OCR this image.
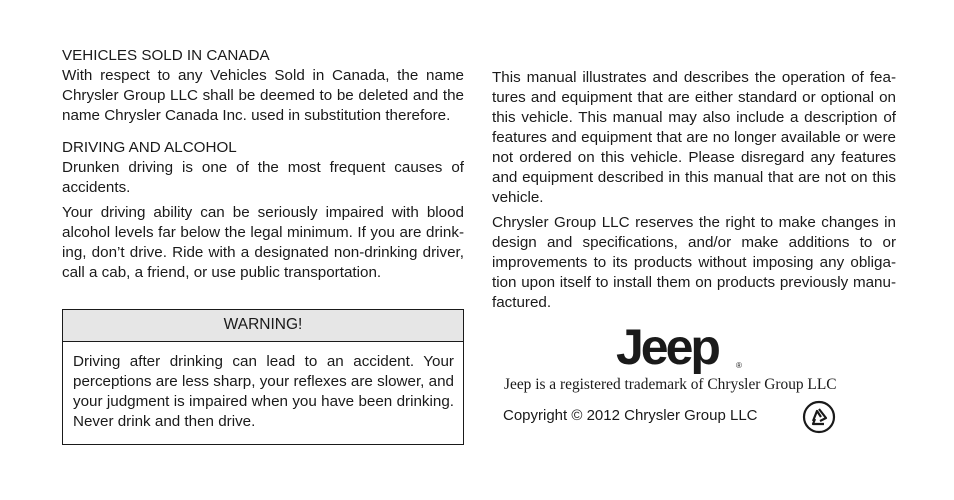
VEHICLES SOLD IN CANADA

With respect to any Vehicles Sold in Canada, the name Chrysler Group LLC shall be deemed to be deleted and the name Chrysler Canada Inc. used in substitution therefore.

DRIVING AND ALCOHOL

Drunken driving is one of the most frequent causes of accidents.

Your driving ability can be seriously impaired with blood alcohol levels far below the legal minimum. If you are drinking, don’t drive. Ride with a designated non-drinking driver, call a cab, a friend, or use public transportation.

WARNING!

Driving after drinking can lead to an accident. Your perceptions are less sharp, your reflexes are slower, and your judgment is impaired when you have been drinking. Never drink and then drive.

This manual illustrates and describes the operation of features and equipment that are either standard or optional on this vehicle. This manual may also include a description of features and equipment that are no longer available or were not ordered on this vehicle. Please disregard any features and equipment described in this manual that are not on this vehicle.

Chrysler Group LLC reserves the right to make changes in design and specifications, and/or make additions to or improvements to its products without imposing any obligation upon itself to install them on products previously manufactured.

Jeep ®
Jeep is a registered trademark of Chrysler Group LLC
Copyright © 2012 Chrysler Group LLC
